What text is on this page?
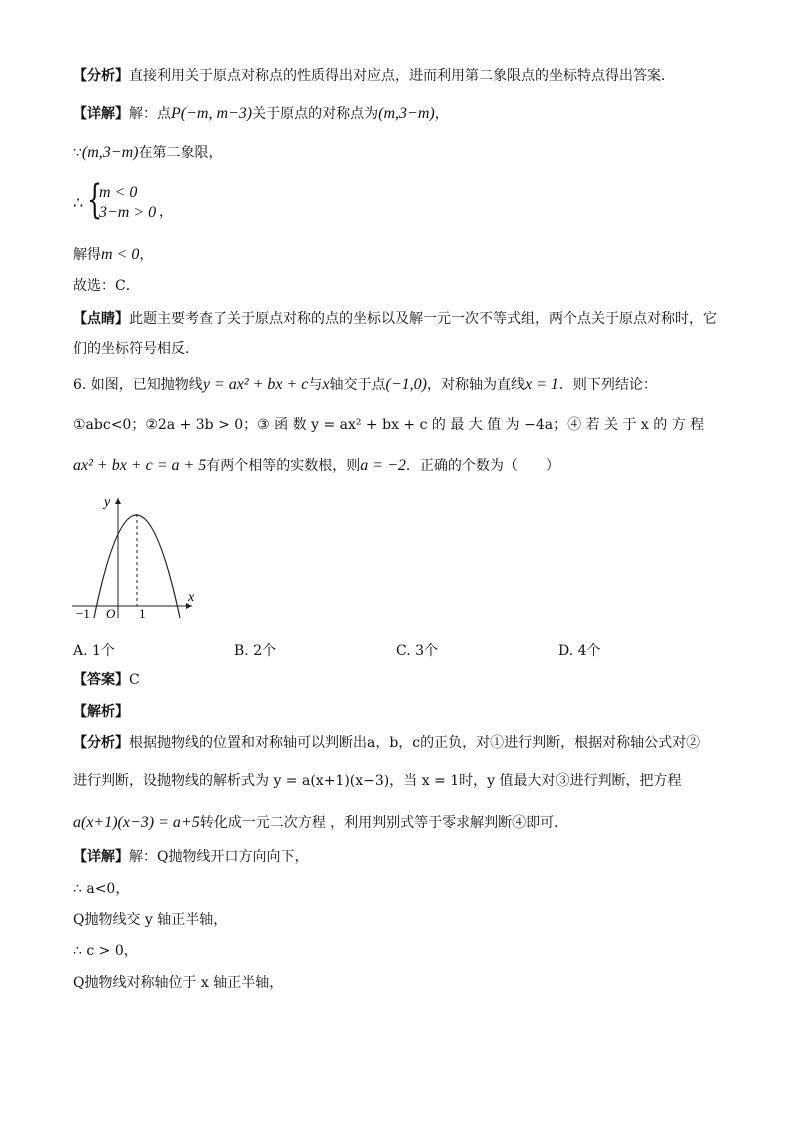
【分析】直接利用关于原点对称点的性质得出对应点，进而利用第二象限点的坐标特点得出答案．
【详解】解：点P(−m, m−3)关于原点的对称点为(m,3−m)，
∵(m,3−m)在第二象限，
∴ {
m < 0
3−m > 0 ，
解得m < 0，
故选：C．
【点睛】此题主要考查了关于原点对称的点的坐标以及解一元一次不等式组，两个点关于原点对称时，它
们的坐标符号相反．
6. 如图，已知抛物线y = ax² + bx + c与x轴交于点(−1,0)，对称轴为直线x = 1．则下列结论：
①abc<0；②2a + 3b > 0；③ 函 数 y = ax² + bx + c 的 最 大 值 为 −4a；④ 若 关 于 x 的 方 程
ax² + bx + c = a + 5有两个相等的实数根，则a = −2．正确的个数为（　　）
y
x
O
−1	1
A. 1个	B. 2个	C. 3个	D. 4个
【答案】C
【解析】
【分析】根据抛物线的位置和对称轴可以判断出a，b，c的正负，对①进行判断，根据对称轴公式对②
进行判断，设抛物线的解析式为 y = a(x+1)(x−3)，当 x = 1时，y 值最大对③进行判断，把方程
a(x+1)(x−3) = a+5转化成一元二次方程 ，利用判别式等于零求解判断④即可．
【详解】解：Q抛物线开口方向向下，
∴ a<0，
Q抛物线交 y 轴正半轴，
∴ c > 0，
Q抛物线对称轴位于 x 轴正半轴，
